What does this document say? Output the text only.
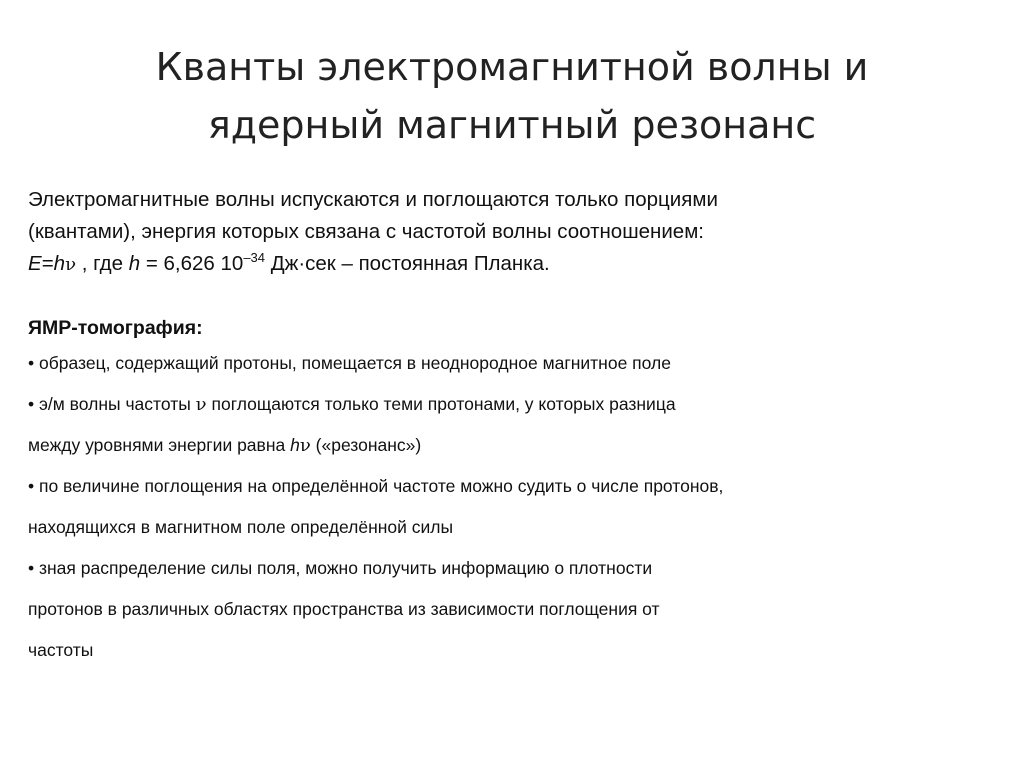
Кванты электромагнитной волны и
ядерный магнитный резонанс
Электромагнитные волны испускаются и поглощаются только порциями
(квантами), энергия которых связана с частотой волны соотношением:
E=hν , где h = 6,626 $10^{-34}$ Дж·сек – постоянная Планка.
ЯМР-томография:
• образец, содержащий протоны, помещается в неоднородное магнитное поле
• э/м волны частоты ν поглощаются только теми протонами, у которых разница
между уровнями энергии равна hν («резонанс»)
• по величине поглощения на определённой частоте можно судить о числе протонов,
находящихся в магнитном поле определённой силы
• зная распределение силы поля, можно получить информацию о плотности
протонов в различных областях пространства из зависимости поглощения от
частоты
